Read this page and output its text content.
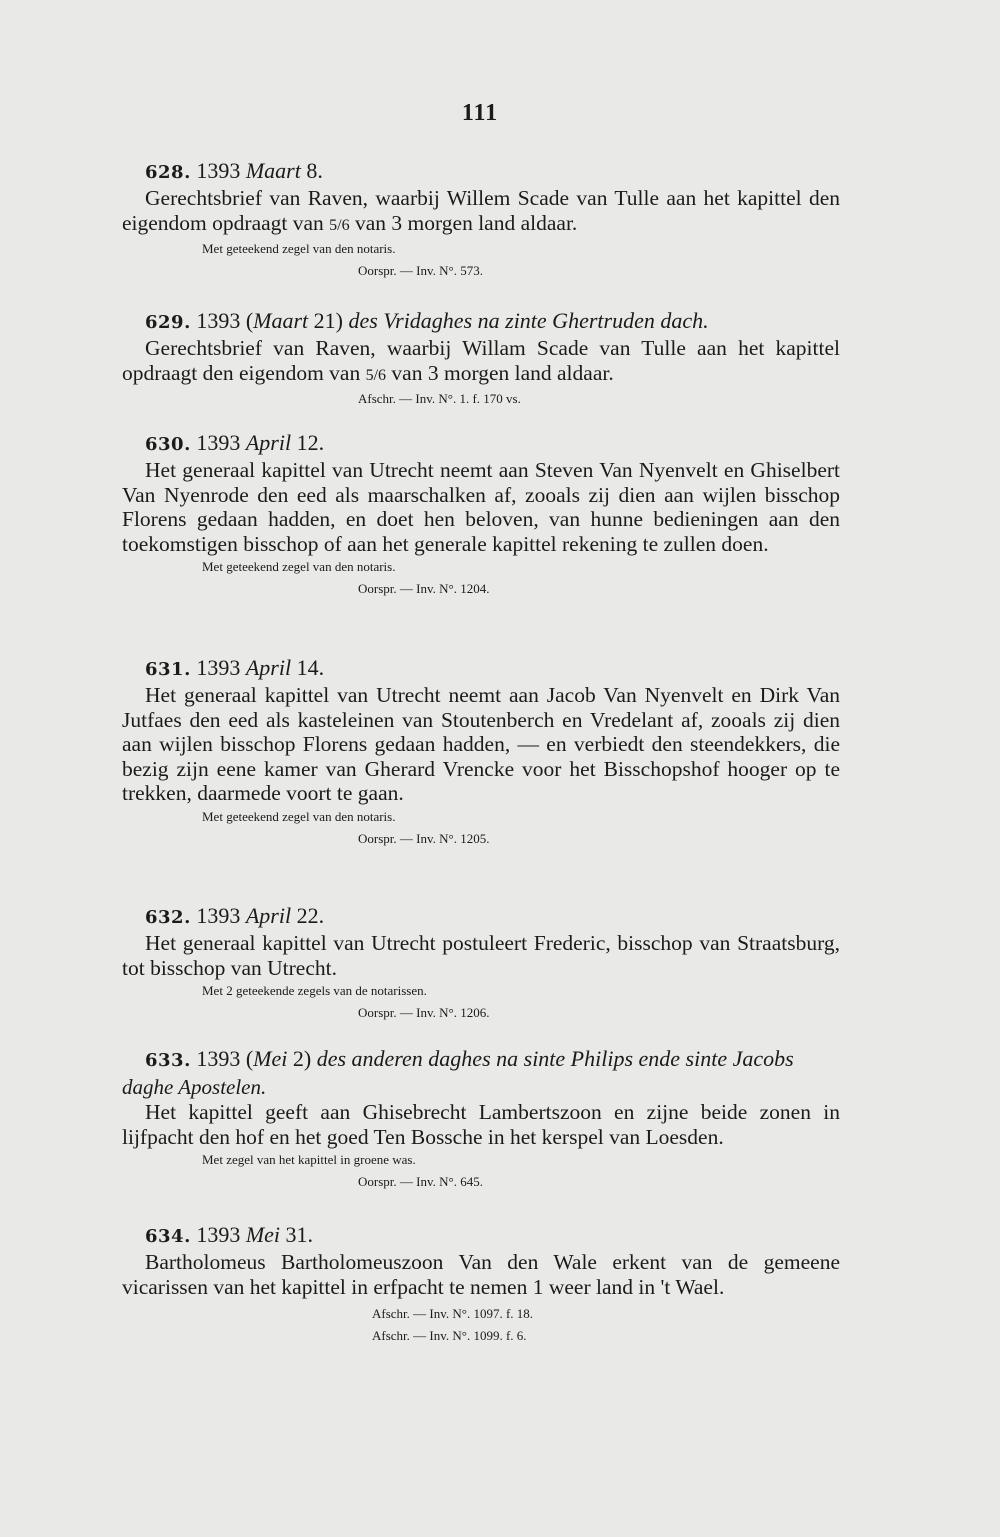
111
628. 1393 Maart 8.
Gerechtsbrief van Raven, waarbij Willem Scade van Tulle aan het kapittel den eigendom opdraagt van 5/6 van 3 morgen land aldaar.
Met geteekend zegel van den notaris.
Oorspr. — Inv. N°. 573.
629. 1393 (Maart 21) des Vridaghes na zinte Ghertruden dach.
Gerechtsbrief van Raven, waarbij Willam Scade van Tulle aan het kapittel opdraagt den eigendom van 5/6 van 3 morgen land aldaar.
Afschr. — Inv. N°. 1. f. 170 vs.
630. 1393 April 12.
Het generaal kapittel van Utrecht neemt aan Steven Van Nyenvelt en Ghiselbert Van Nyenrode den eed als maarschalken af, zooals zij dien aan wijlen bisschop Florens gedaan hadden, en doet hen beloven, van hunne bedieningen aan den toekomstigen bisschop of aan het generale kapittel rekening te zullen doen.
Met geteekend zegel van den notaris.
Oorspr. — Inv. N°. 1204.
631. 1393 April 14.
Het generaal kapittel van Utrecht neemt aan Jacob Van Nyenvelt en Dirk Van Jutfaes den eed als kasteleinen van Stoutenberch en Vredelant af, zooals zij dien aan wijlen bisschop Florens gedaan hadden, — en verbiedt den steendekkers, die bezig zijn eene kamer van Gherard Vrencke voor het Bisschopshof hooger op te trekken, daarmede voort te gaan.
Met geteekend zegel van den notaris.
Oorspr. — Inv. N°. 1205.
632. 1393 April 22.
Het generaal kapittel van Utrecht postuleert Frederic, bisschop van Straatsburg, tot bisschop van Utrecht.
Met 2 geteekende zegels van de notarissen.
Oorspr. — Inv. N°. 1206.
633. 1393 (Mei 2) des anderen daghes na sinte Philips ende sinte Jacobs
daghe Apostelen.
Het kapittel geeft aan Ghisebrecht Lambertszoon en zijne beide zonen in lijfpacht den hof en het goed Ten Bossche in het kerspel van Loesden.
Met zegel van het kapittel in groene was.
Oorspr. — Inv. N°. 645.
634. 1393 Mei 31.
Bartholomeus Bartholomeuszoon Van den Wale erkent van de gemeene vicarissen van het kapittel in erfpacht te nemen 1 weer land in 't Wael.
Afschr. — Inv. N°. 1097. f. 18.
Afschr. — Inv. N°. 1099. f. 6.
